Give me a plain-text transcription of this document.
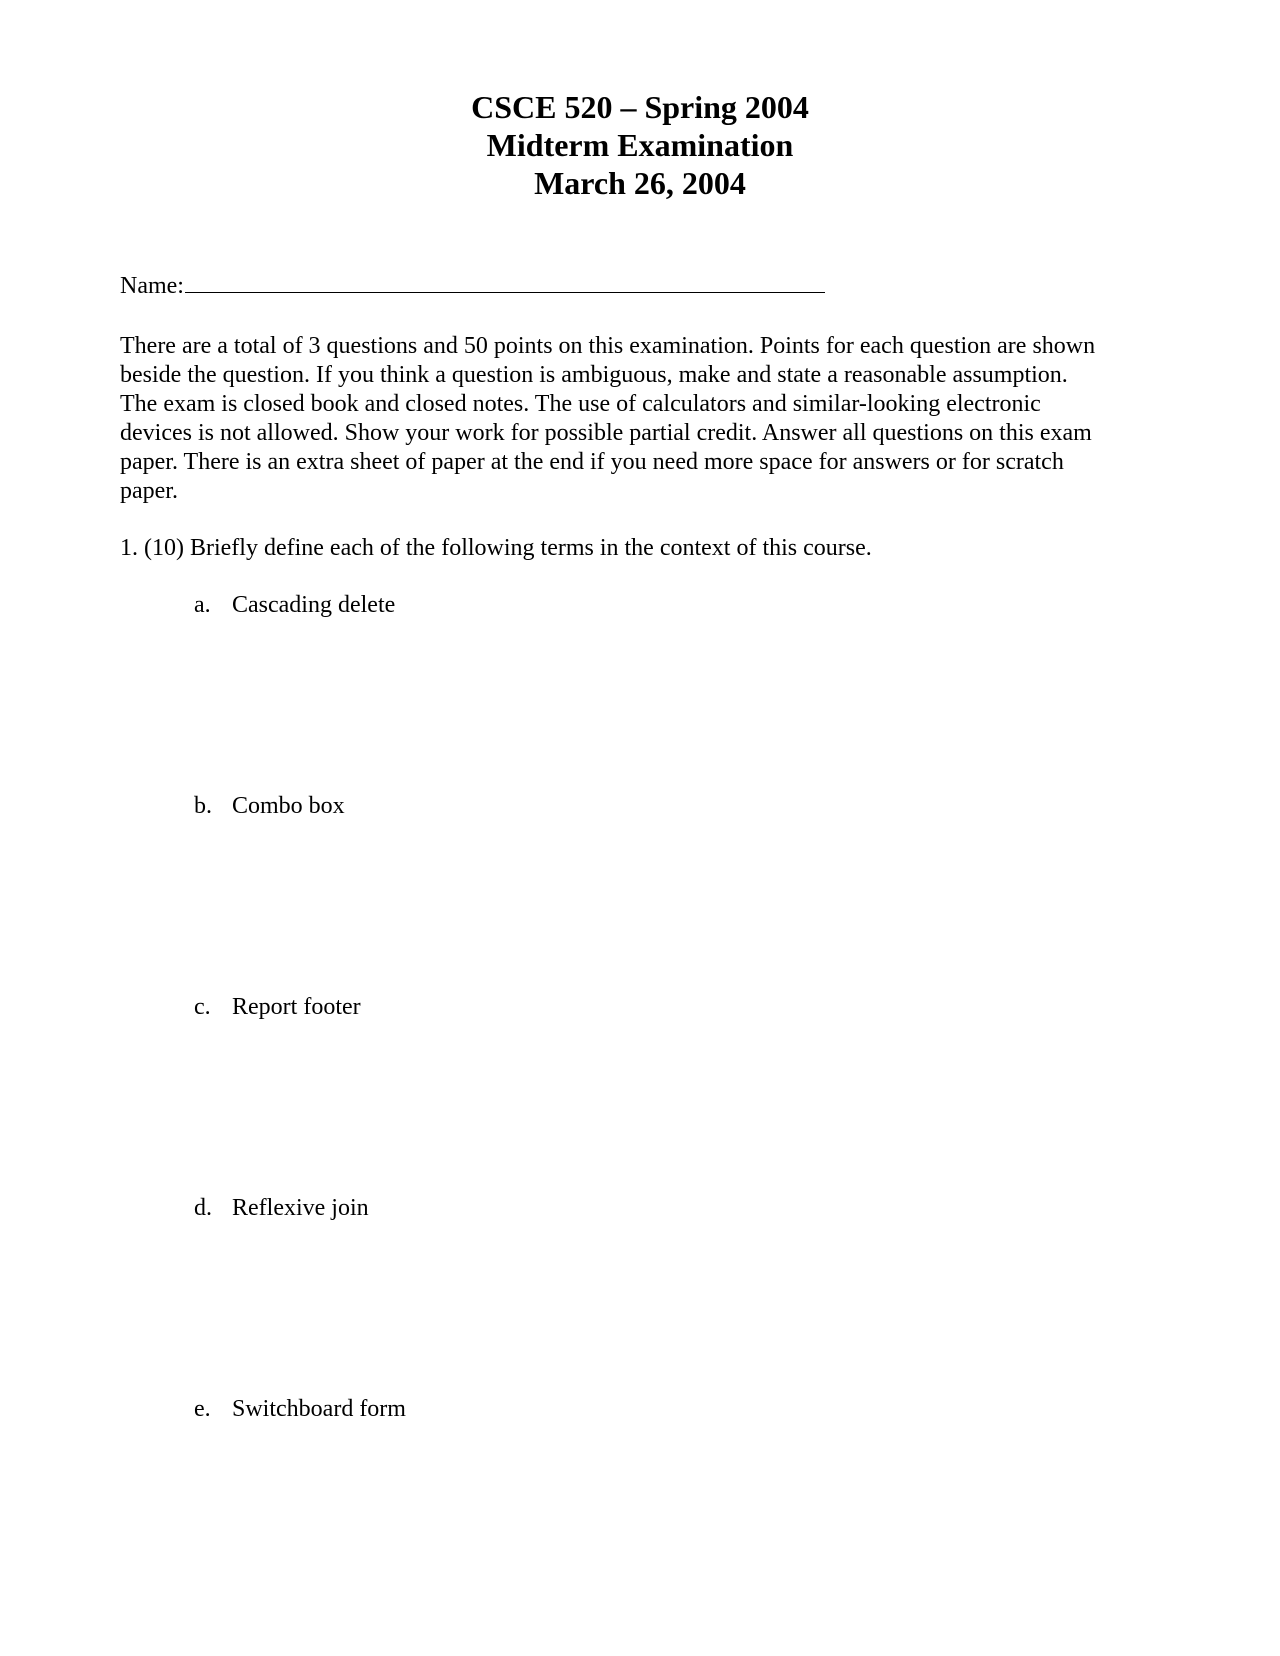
CSCE 520 – Spring 2004
Midterm Examination
March 26, 2004
Name:
There are a total of 3 questions and 50 points on this examination. Points for each question are shown
beside the question. If you think a question is ambiguous, make and state a reasonable assumption.
The exam is closed book and closed notes. The use of calculators and similar-looking electronic
devices is not allowed. Show your work for possible partial credit. Answer all questions on this exam
paper. There is an extra sheet of paper at the end if you need more space for answers or for scratch
paper.
1. (10) Briefly define each of the following terms in the context of this course.
a. Cascading delete
b. Combo box
c. Report footer
d. Reflexive join
e. Switchboard form
